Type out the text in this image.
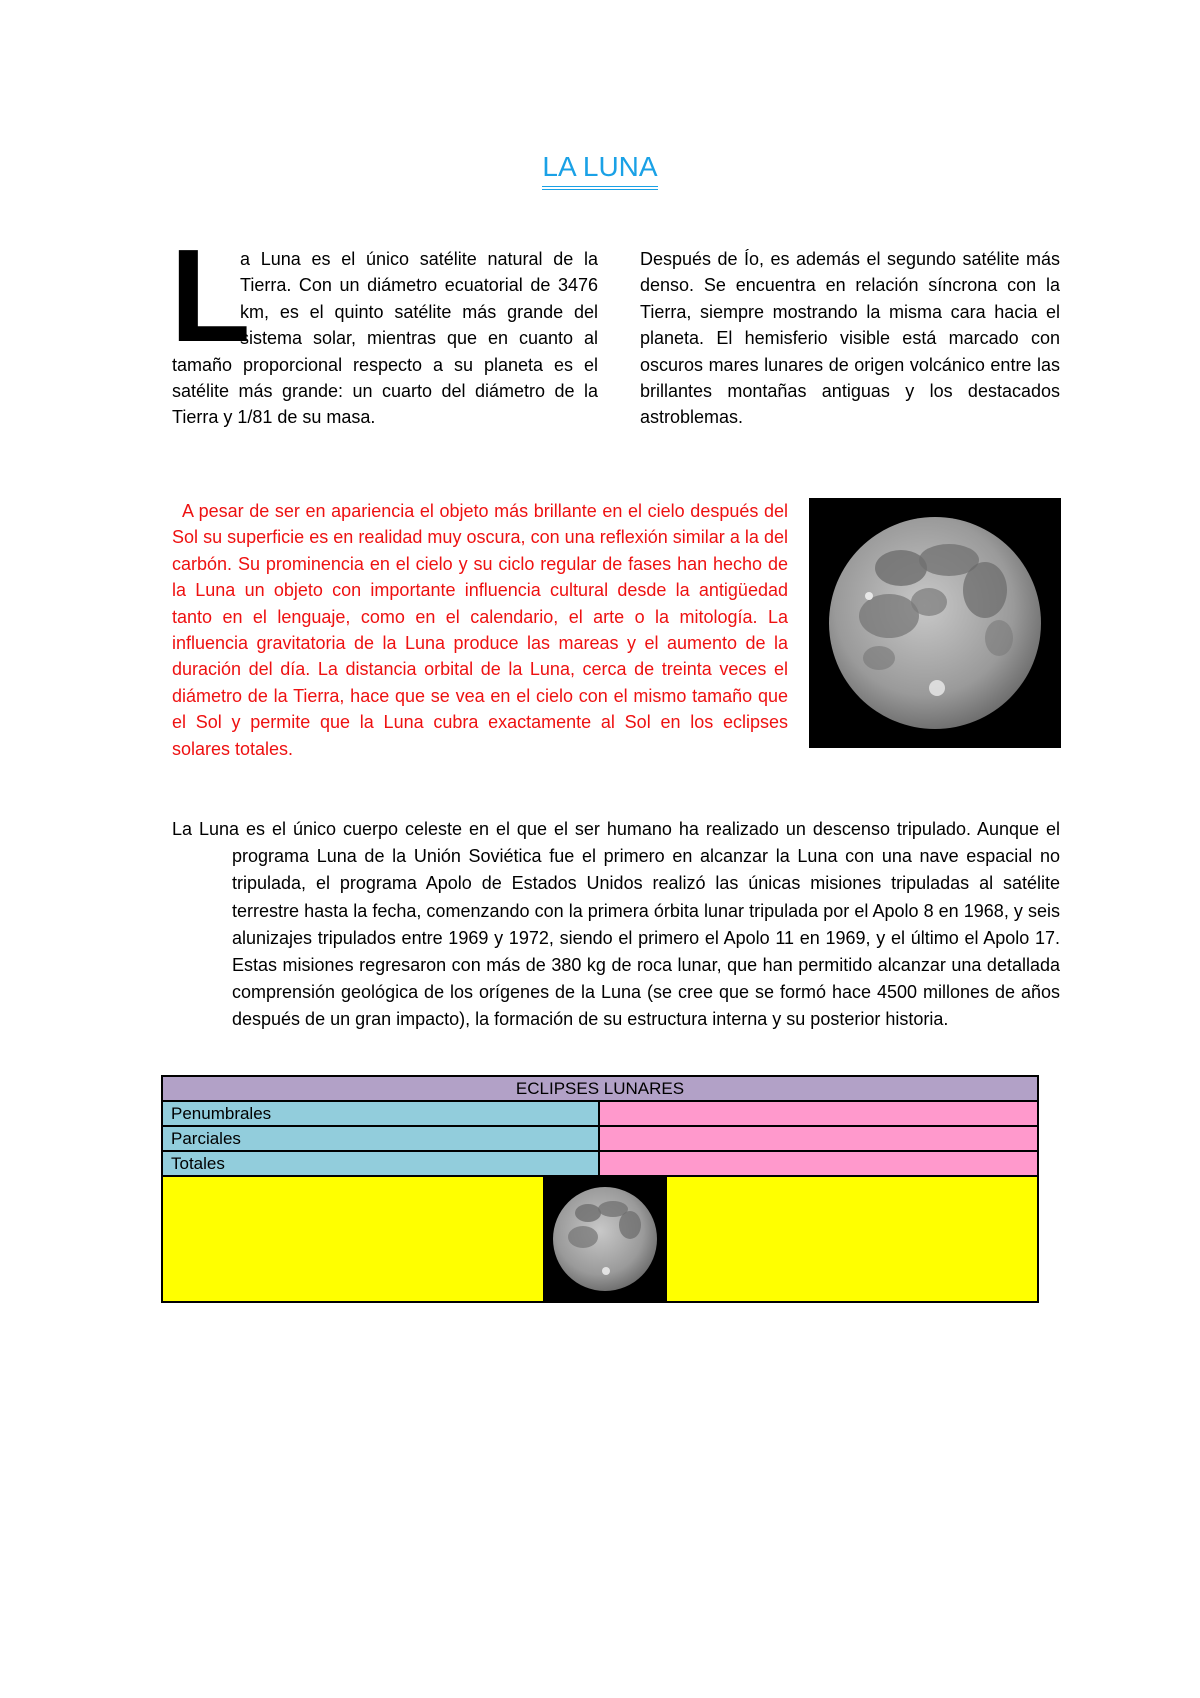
LA LUNA
L
a Luna es el único satélite natural de la Tierra. Con un diámetro ecuatorial de 3476 km, es el quinto satélite más grande del sistema solar, mientras que en cuanto al tamaño proporcional respecto a su planeta es el satélite más grande: un cuarto del diámetro de la Tierra y 1/81 de su masa.
Después de Ío, es además el segundo satélite más denso. Se encuentra en relación síncrona con la Tierra, siempre mostrando la misma cara hacia el planeta. El hemisferio visible está marcado con oscuros mares lunares de origen volcánico entre las brillantes montañas antiguas y los destacados astroblemas.
A pesar de ser en apariencia el objeto más brillante en el cielo después del Sol su superficie es en realidad muy oscura, con una reflexión similar a la del carbón. Su prominencia en el cielo y su ciclo regular de fases han hecho de la Luna un objeto con importante influencia cultural desde la antigüedad tanto en el lenguaje, como en el calendario, el arte o la mitología. La influencia gravitatoria de la Luna produce las mareas y el aumento de la duración del día. La distancia orbital de la Luna, cerca de treinta veces el diámetro de la Tierra, hace que se vea en el cielo con el mismo tamaño que el Sol y permite que la Luna cubra exactamente al Sol en los eclipses solares totales.
La Luna es el único cuerpo celeste en el que el ser humano ha realizado un descenso tripulado. Aunque el programa Luna de la Unión Soviética fue el primero en alcanzar la Luna con una nave espacial no tripulada, el programa Apolo de Estados Unidos realizó las únicas misiones tripuladas al satélite terrestre hasta la fecha, comenzando con la primera órbita lunar tripulada por el Apolo 8 en 1968, y seis alunizajes tripulados entre 1969 y 1972, siendo el primero el Apolo 11 en 1969, y el último el Apolo 17. Estas misiones regresaron con más de 380 kg de roca lunar, que han permitido alcanzar una detallada comprensión geológica de los orígenes de la Luna (se cree que se formó hace 4500 millones de años después de un gran impacto), la formación de su estructura interna y su posterior historia.
ECLIPSES LUNARES	
Penumbrales	
Parciales	
Totales	
